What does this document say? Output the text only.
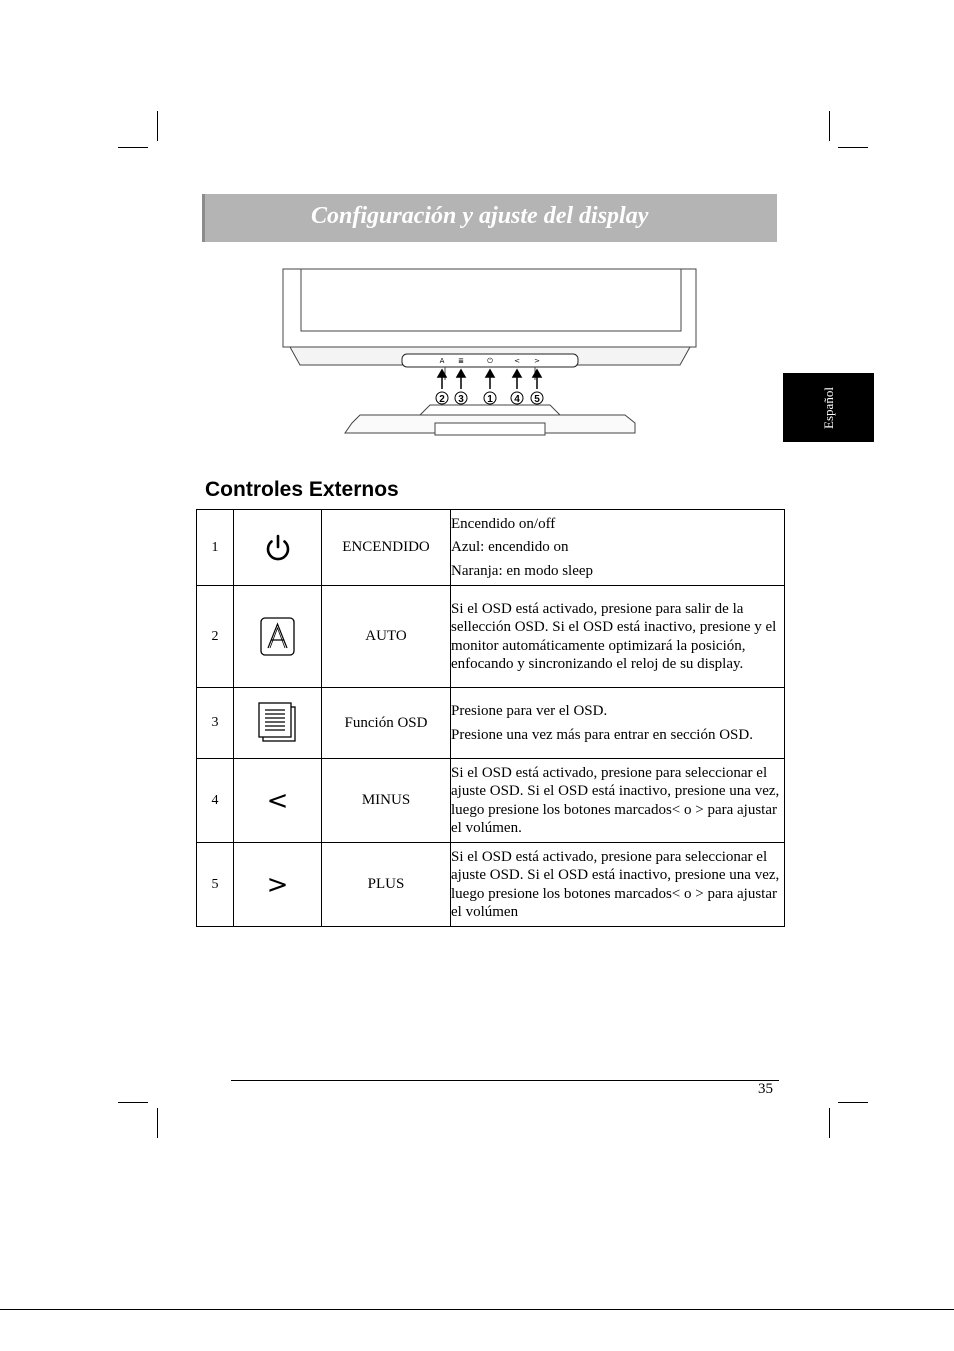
Configuración y ajuste del display
Español
A ≣	⏻	< >
2 3 1 4 5
Controles Externos
1		ENCENDIDO	Encendido on/off

Azul: encendido on

Naranja: en modo sleep

2		AUTO	Si el OSD está activado, presione para salir de la sellección OSD. Si el OSD está inactivo, presione y el monitor automáticamente optimizará la posición, enfocando y sincronizando el reloj de su display.

3		Función OSD	Presione para ver el OSD.

Presione una vez más para entrar en sección OSD.

4	<	MINUS	Si el OSD está activado, presione para seleccionar el ajuste OSD. Si el OSD está inactivo, presione una vez, luego presione los botones marcados< o > para ajustar el volúmen.

5	>	PLUS	Si el OSD está activado, presione para seleccionar el ajuste OSD. Si el OSD está inactivo, presione una vez, luego presione los botones marcados< o > para ajustar el volúmen

35
